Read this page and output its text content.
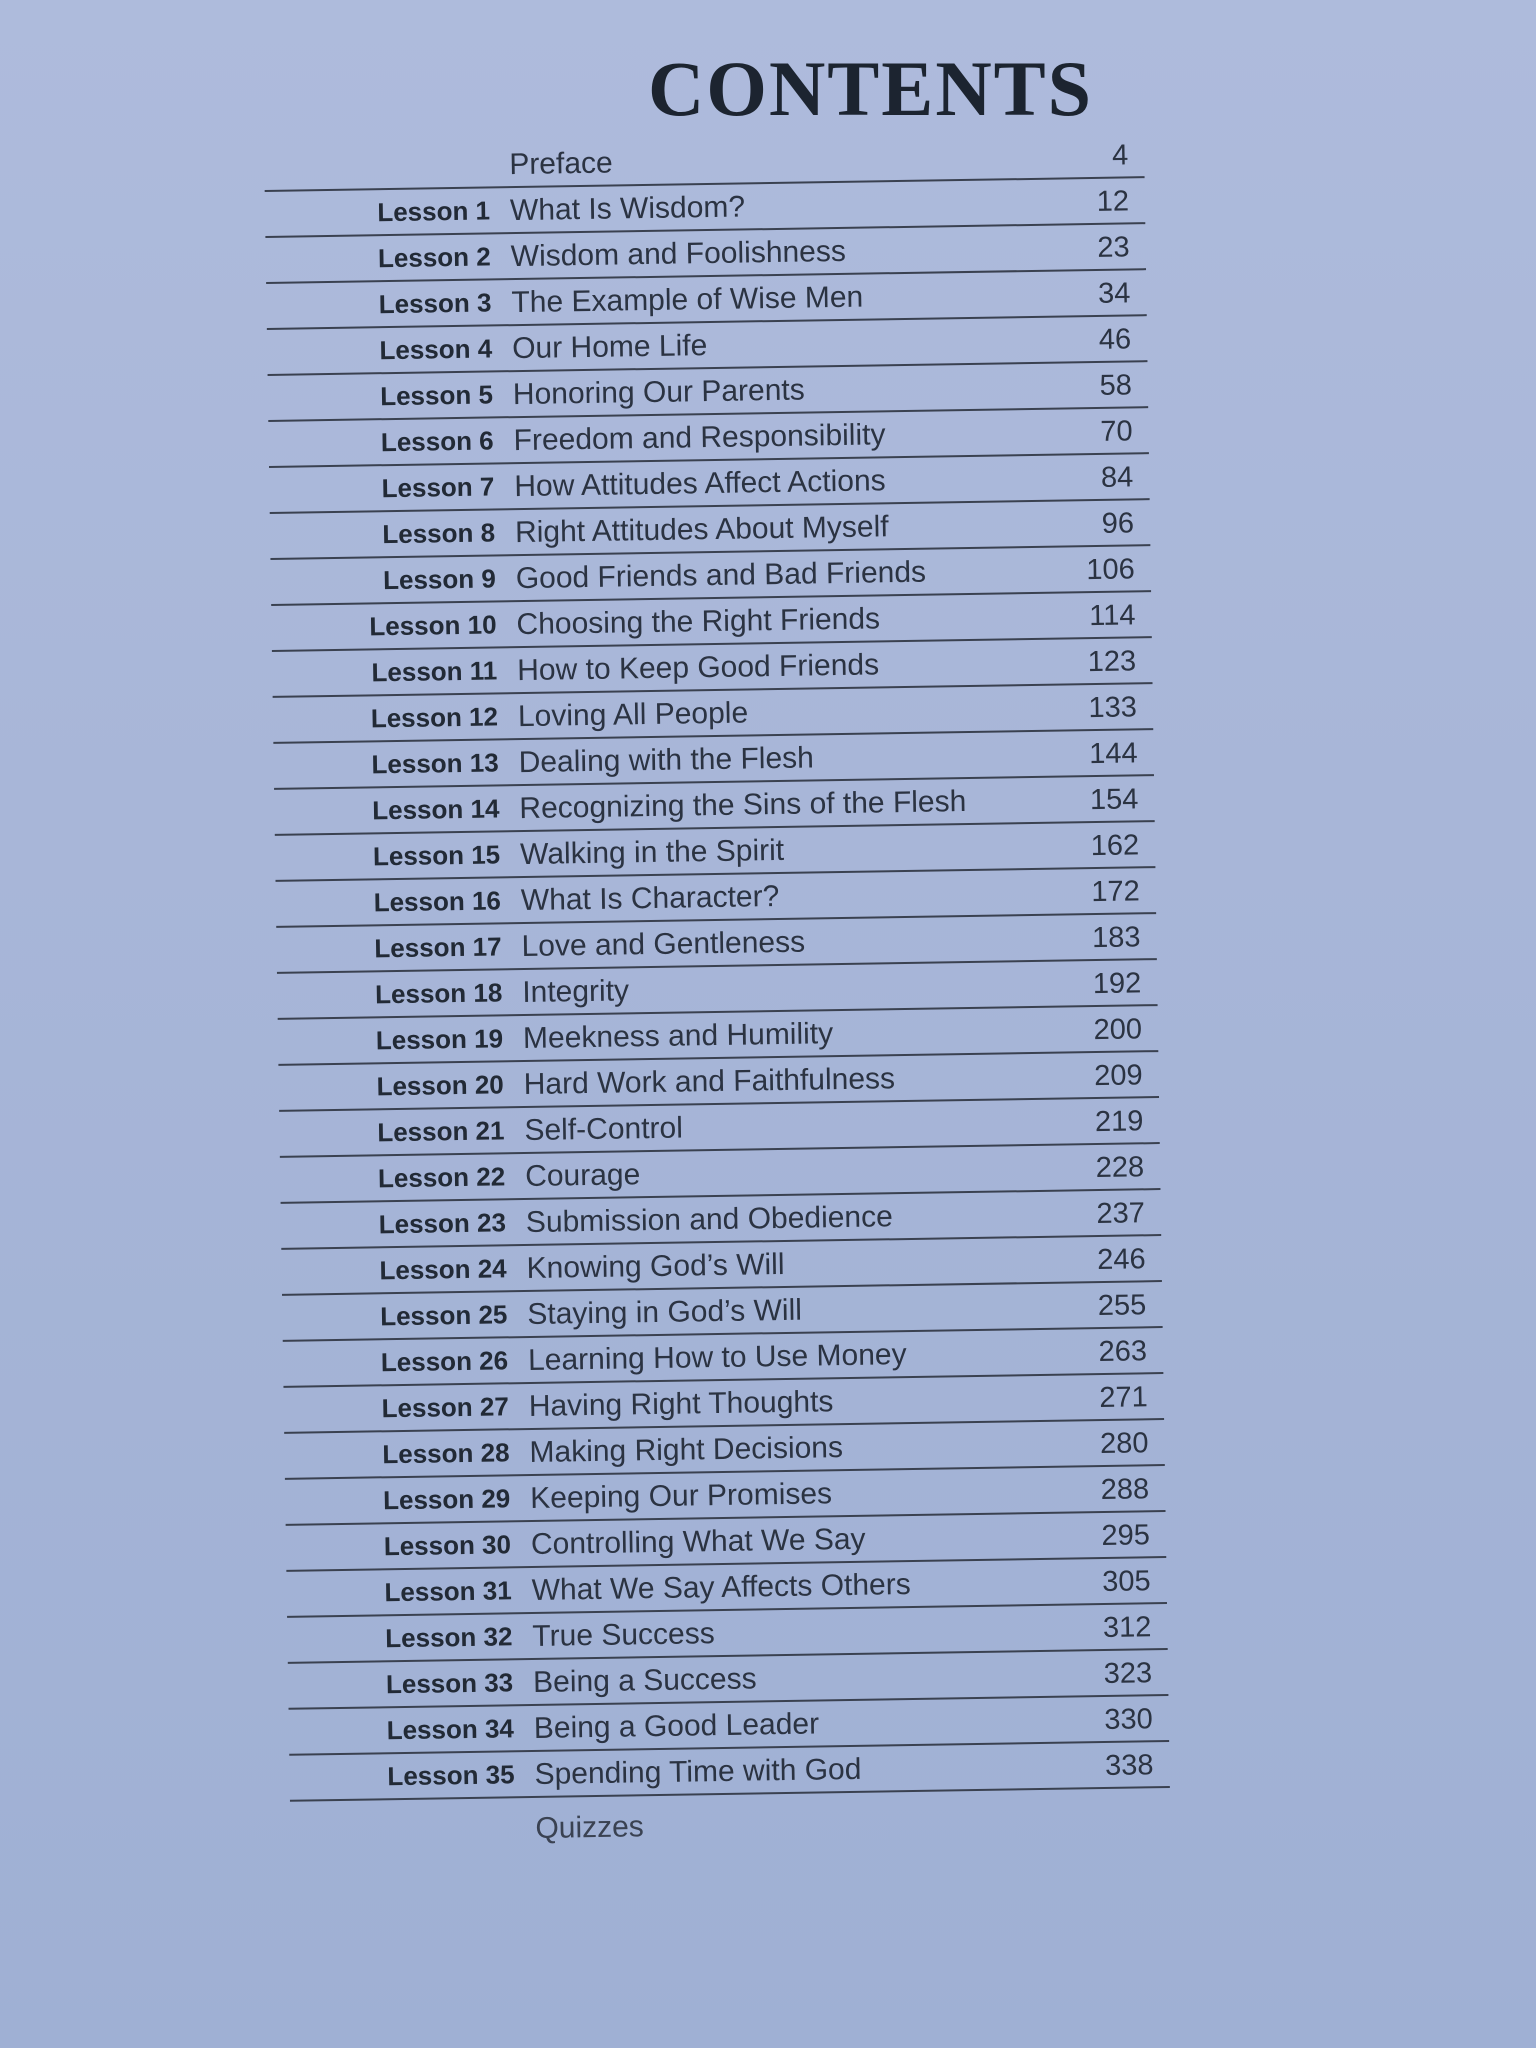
CONTENTS
Preface	4
Lesson 1 What Is Wisdom?	12
Lesson 2 Wisdom and Foolishness	23
Lesson 3 The Example of Wise Men	34
Lesson 4 Our Home Life	46
Lesson 5 Honoring Our Parents	58
Lesson 6 Freedom and Responsibility	70
Lesson 7 How Attitudes Affect Actions	84
Lesson 8 Right Attitudes About Myself	96
Lesson 9 Good Friends and Bad Friends	106
Lesson 10 Choosing the Right Friends	114
Lesson 11 How to Keep Good Friends	123
Lesson 12 Loving All People	133
Lesson 13 Dealing with the Flesh	144
Lesson 14 Recognizing the Sins of the Flesh	154
Lesson 15 Walking in the Spirit	162
Lesson 16 What Is Character?	172
Lesson 17 Love and Gentleness	183
Lesson 18 Integrity	192
Lesson 19 Meekness and Humility	200
Lesson 20 Hard Work and Faithfulness	209
Lesson 21 Self-Control	219
Lesson 22 Courage	228
Lesson 23 Submission and Obedience	237
Lesson 24 Knowing God’s Will	246
Lesson 25 Staying in God’s Will	255
Lesson 26 Learning How to Use Money	263
Lesson 27 Having Right Thoughts	271
Lesson 28 Making Right Decisions	280
Lesson 29 Keeping Our Promises	288
Lesson 30 Controlling What We Say	295
Lesson 31 What We Say Affects Others	305
Lesson 32 True Success	312
Lesson 33 Being a Success	323
Lesson 34 Being a Good Leader	330
Lesson 35 Spending Time with God	338
Quizzes
